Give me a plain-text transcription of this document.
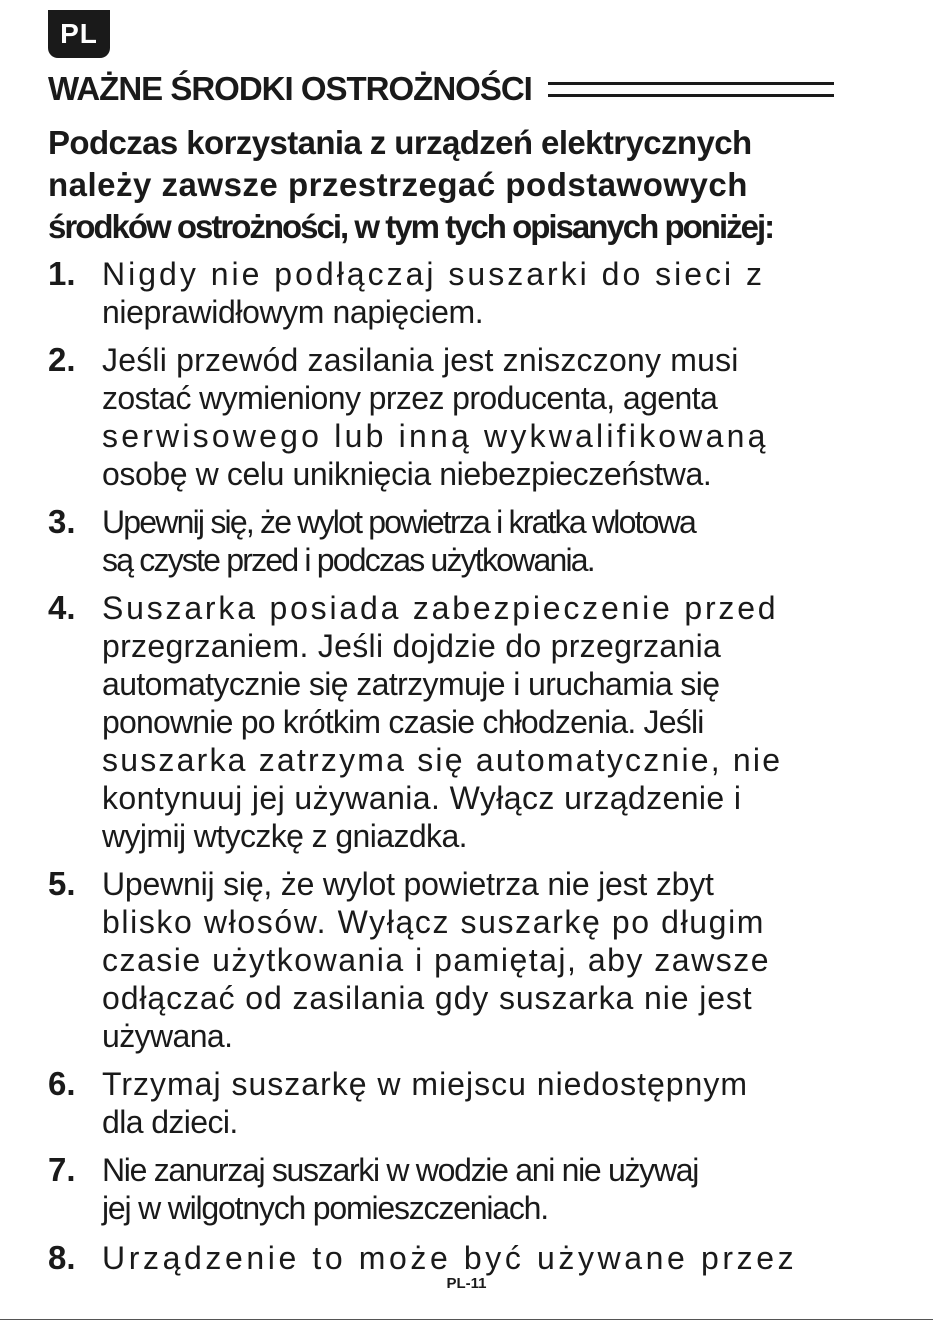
PL
WAŻNE ŚRODKI OSTROŻNOŚCI
Podczas korzystania z urządzeń elektrycznych
należy zawsze przestrzegać podstawowych
środków ostrożności, w tym tych opisanych poniżej:
1. Nigdy nie podłączaj suszarki do sieci z
nieprawidłowym napięciem.
2. Jeśli przewód zasilania jest zniszczony musi
zostać wymieniony przez producenta, agenta
serwisowego lub inną wykwalifikowaną
osobę w celu uniknięcia niebezpieczeństwa.
3. Upewnij się, że wylot powietrza i kratka wlotowa
są czyste przed i podczas użytkowania.
4. Suszarka posiada zabezpieczenie przed
przegrzaniem. Jeśli dojdzie do przegrzania
automatycznie się zatrzymuje i uruchamia się
ponownie po krótkim czasie chłodzenia. Jeśli
suszarka zatrzyma się automatycznie, nie
kontynuuj jej używania. Wyłącz urządzenie i
wyjmij wtyczkę z gniazdka.
5. Upewnij się, że wylot powietrza nie jest zbyt
blisko włosów. Wyłącz suszarkę po długim
czasie użytkowania i pamiętaj, aby zawsze
odłączać od zasilania gdy suszarka nie jest
używana.
6. Trzymaj suszarkę w miejscu niedostępnym
dla dzieci.
7. Nie zanurzaj suszarki w wodzie ani nie używaj
jej w wilgotnych pomieszczeniach.
8. Urządzenie to może być używane przez
PL-11
